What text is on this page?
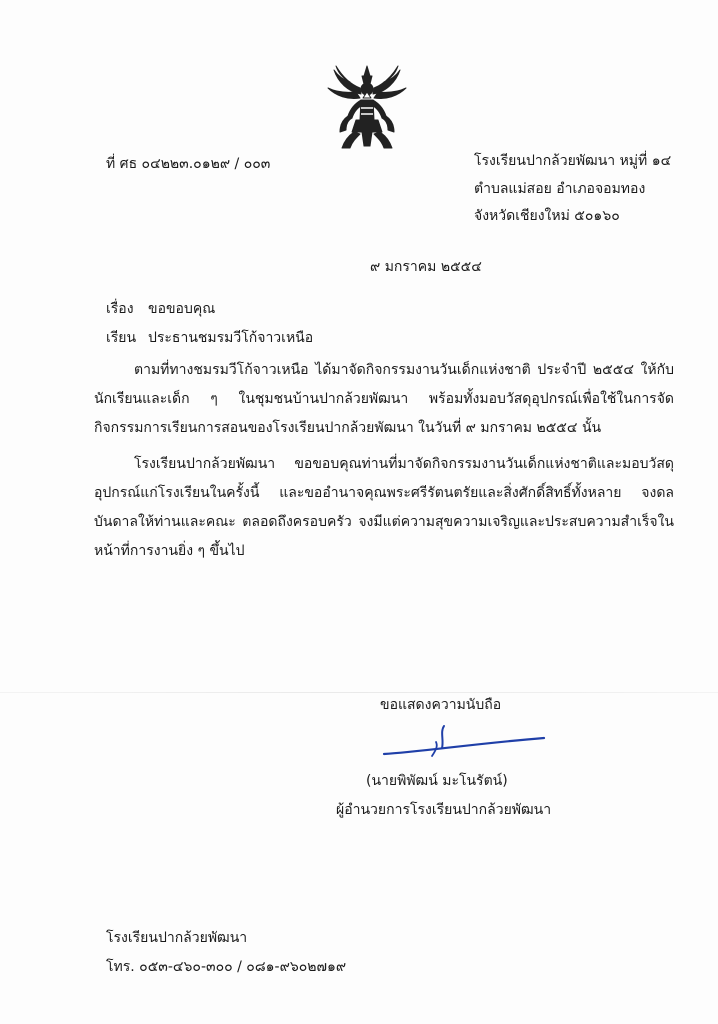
ที่ ศธ ๐๔๒๒๓.๐๑๒๙ / ๐๐๓	โรงเรียนปากล้วยพัฒนา หมู่ที่ ๑๔
ตำบลแม่สอย อำเภอจอมทอง
จังหวัดเชียงใหม่ ๕๐๑๖๐
๙ มกราคม ๒๕๕๔
เรื่อง ขอขอบคุณ
เรียน ประธานชมรมวีโก้จาวเหนือ

ตามที่ทางชมรมวีโก้จาวเหนือ ได้มาจัดกิจกรรมงานวันเด็กแห่งชาติ ประจำปี ๒๕๕๔ ให้กับนักเรียนและเด็ก ๆ ในชุมชนบ้านปากล้วยพัฒนา พร้อมทั้งมอบวัสดุอุปกรณ์เพื่อใช้ในการจัดกิจกรรมการเรียนการสอนของโรงเรียนปากล้วยพัฒนา ในวันที่ ๙ มกราคม ๒๕๕๔ นั้น

โรงเรียนปากล้วยพัฒนา ขอขอบคุณท่านที่มาจัดกิจกรรมงานวันเด็กแห่งชาติและมอบวัสดุอุปกรณ์แก่โรงเรียนในครั้งนี้ และขออำนาจคุณพระศรีรัตนตรัยและสิ่งศักดิ์สิทธิ์ทั้งหลาย จงดลบันดาลให้ท่านและคณะ ตลอดถึงครอบครัว จงมีแต่ความสุขความเจริญและประสบความสำเร็จในหน้าที่การงานยิ่ง ๆ ขึ้นไป

ขอแสดงความนับถือ
(นายพิพัฒน์ มะโนรัตน์)
ผู้อำนวยการโรงเรียนปากล้วยพัฒนา
โรงเรียนปากล้วยพัฒนา
โทร. ๐๕๓-๔๖๐-๓๐๐ / ๐๘๑-๙๖๐๒๗๑๙
